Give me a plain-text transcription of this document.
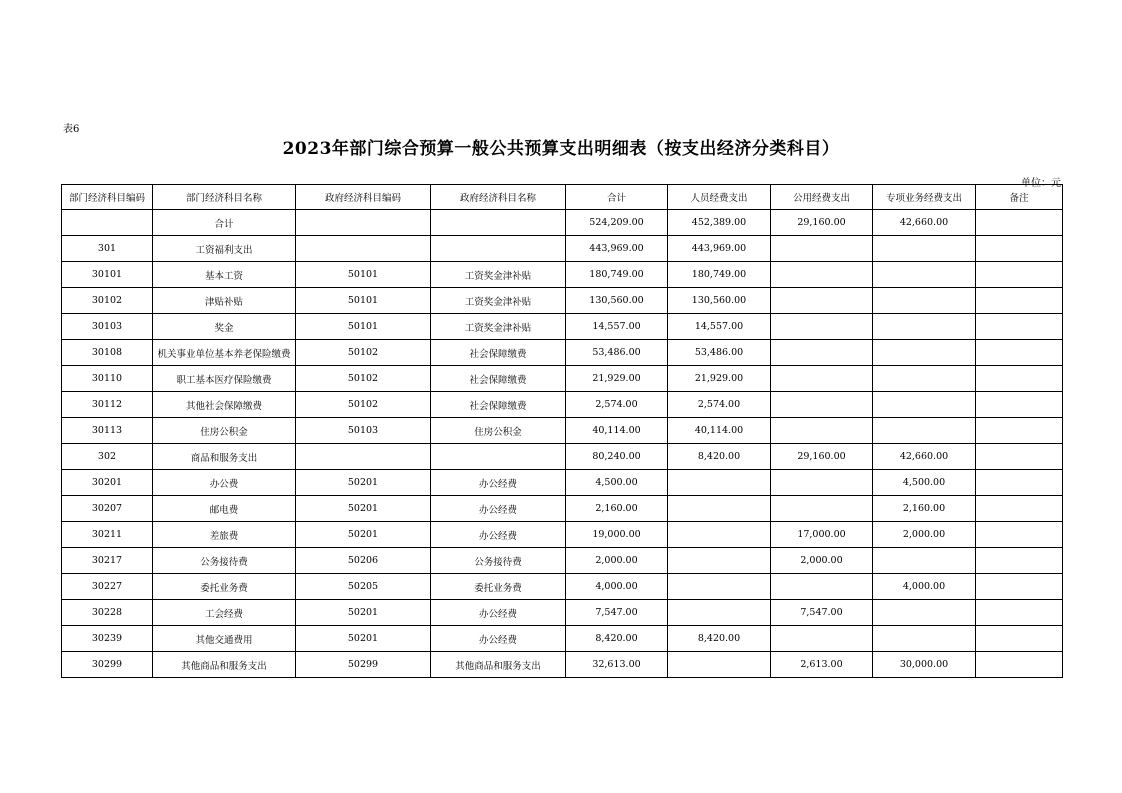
表6
2023年部门综合预算一般公共预算支出明细表（按支出经济分类科目）
单位：元
部门经济科目编码	部门经济科目名称	政府经济科目编码	政府经济科目名称	合计	人员经费支出	公用经费支出	专项业务经费支出	备注
	合计			524,209.00	452,389.00	29,160.00	42,660.00	
301	工资福利支出			443,969.00	443,969.00			
30101	基本工资	50101	工资奖金津补贴	180,749.00	180,749.00			
30102	津贴补贴	50101	工资奖金津补贴	130,560.00	130,560.00			
30103	奖金	50101	工资奖金津补贴	14,557.00	14,557.00			
30108	机关事业单位基本养老保险缴费	50102	社会保障缴费	53,486.00	53,486.00			
30110	职工基本医疗保险缴费	50102	社会保障缴费	21,929.00	21,929.00			
30112	其他社会保障缴费	50102	社会保障缴费	2,574.00	2,574.00			
30113	住房公积金	50103	住房公积金	40,114.00	40,114.00			
302	商品和服务支出			80,240.00	8,420.00	29,160.00	42,660.00	
30201	办公费	50201	办公经费	4,500.00			4,500.00	
30207	邮电费	50201	办公经费	2,160.00			2,160.00	
30211	差旅费	50201	办公经费	19,000.00		17,000.00	2,000.00	
30217	公务接待费	50206	公务接待费	2,000.00		2,000.00		
30227	委托业务费	50205	委托业务费	4,000.00			4,000.00	
30228	工会经费	50201	办公经费	7,547.00		7,547.00		
30239	其他交通费用	50201	办公经费	8,420.00	8,420.00			
30299	其他商品和服务支出	50299	其他商品和服务支出	32,613.00		2,613.00	30,000.00	
